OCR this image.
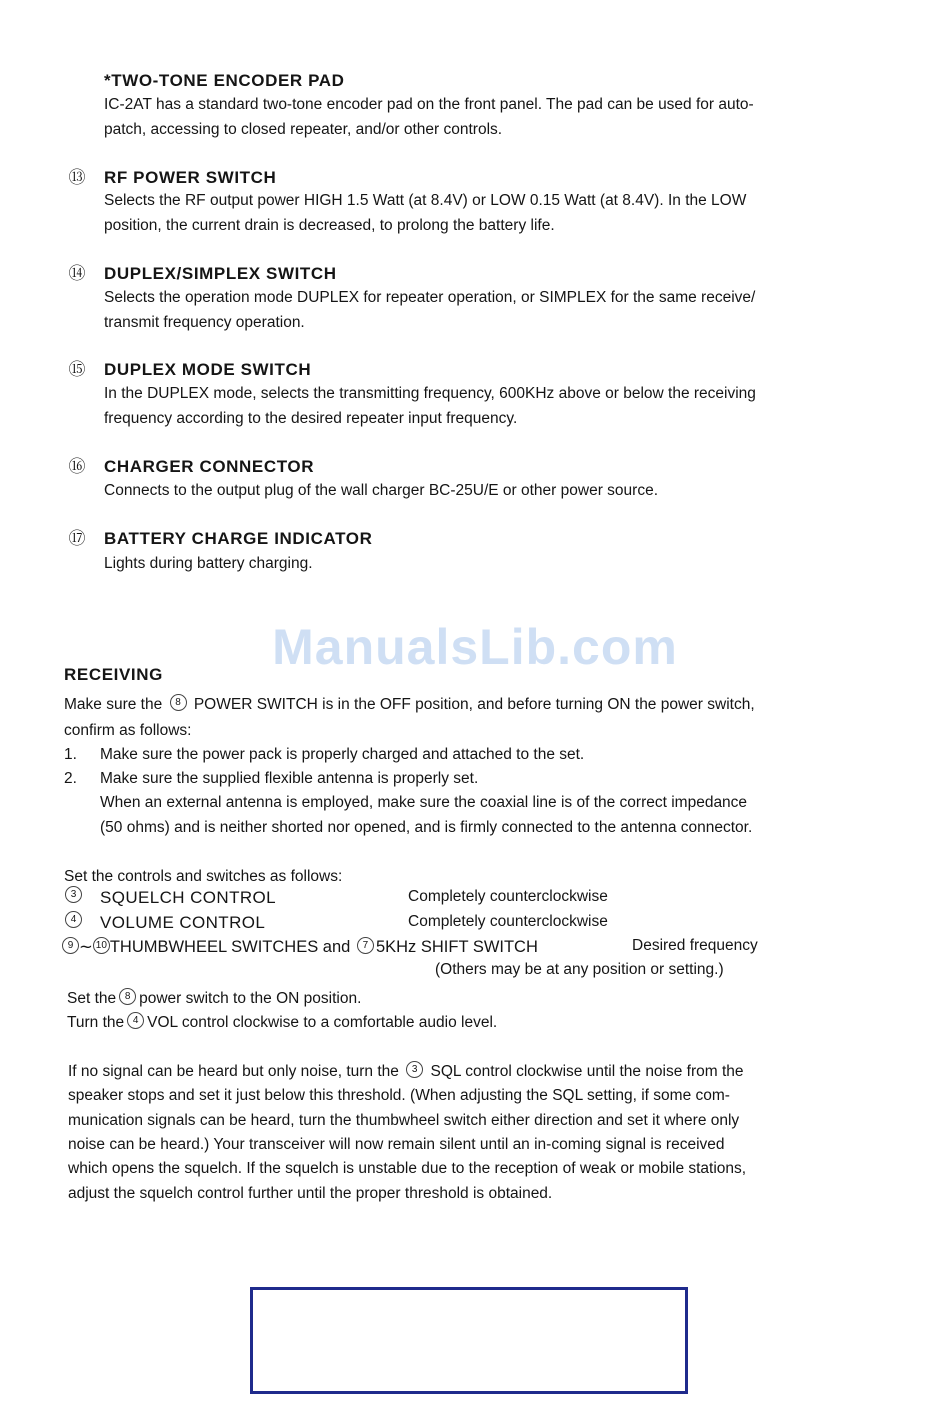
*TWO-TONE ENCODER PAD
IC-2AT has a standard two-tone encoder pad on the front panel. The pad can be used for auto-
patch, accessing to closed repeater, and/or other controls.
⑬ RF POWER SWITCH
Selects the RF output power HIGH 1.5 Watt (at 8.4V) or LOW 0.15 Watt (at 8.4V). In the LOW
position, the current drain is decreased, to prolong the battery life.
⑭ DUPLEX/SIMPLEX SWITCH
Selects the operation mode DUPLEX for repeater operation, or SIMPLEX for the same receive/
transmit frequency operation.
⑮ DUPLEX MODE SWITCH
In the DUPLEX mode, selects the transmitting frequency, 600KHz above or below the receiving
frequency according to the desired repeater input frequency.
⑯ CHARGER CONNECTOR
Connects to the output plug of the wall charger BC-25U/E or other power source.
⑰ BATTERY CHARGE INDICATOR
Lights during battery charging.
ManualsLib.com
RECEIVING
Make sure the 8 POWER SWITCH is in the OFF position, and before turning ON the power switch,
confirm as follows:
1. Make sure the power pack is properly charged and attached to the set.
2. Make sure the supplied flexible antenna is properly set.
When an external antenna is employed, make sure the coaxial line is of the correct impedance
(50 ohms) and is neither shorted nor opened, and is firmly connected to the antenna connector.
Set the controls and switches as follows:
3	SQUELCH CONTROL	Completely counterclockwise
4	VOLUME CONTROL	Completely counterclockwise
9 ∼ 10 THUMBWHEEL SWITCHES and 7 5KHz SHIFT SWITCH	Desired frequency
(Others may be at any position or setting.)
Set the 8 power switch to the ON position.
Turn the 4 VOL control clockwise to a comfortable audio level.
If no signal can be heard but only noise, turn the 3 SQL control clockwise until the noise from the
speaker stops and set it just below this threshold. (When adjusting the SQL setting, if some com-
munication signals can be heard, turn the thumbwheel switch either direction and set it where only
noise can be heard.) Your transceiver will now remain silent until an in-coming signal is received
which opens the squelch. If the squelch is unstable due to the reception of weak or mobile stations,
adjust the squelch control further until the proper threshold is obtained.
